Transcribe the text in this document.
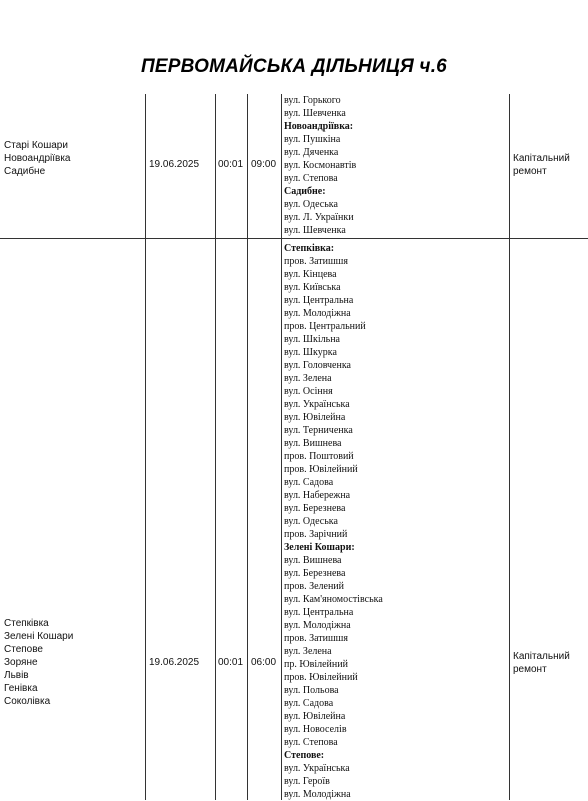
ПЕРВОМАЙСЬКА ДІЛЬНИЦЯ ч.6
Старі Кошари
Новоандріївка
Садибне
19.06.2025 00:01 09:00
вул. Горького
вул. Шевченка
Новоандріївка:
вул. Пушкіна
вул. Дяченка
вул. Космонавтів
вул. Степова
Садибне:
вул. Одеська
вул. Л. Українки
вул. Шевченка
Капітальний
ремонт
Степківка
Зелені Кошари
Степове
Зоряне
Львів
Генівка
Соколівка
19.06.2025 00:01 06:00
Степківка:
пров. Затишшя
вул. Кінцева
вул. Київська
вул. Центральна
вул. Молодіжна
пров. Центральний
вул. Шкільна
вул. Шкурка
вул. Головченка
вул. Зелена
вул. Осіння
вул. Українська
вул. Ювілейна
вул. Терниченка
вул. Вишнева
пров. Поштовий
пров. Ювілейний
вул. Садова
вул. Набережна
вул. Березнева
вул. Одеська
пров. Зарічний
Зелені Кошари:
вул. Вишнева
вул. Березнева
пров. Зелений
вул. Кам'яномостівська
вул. Центральна
вул. Молодіжна
пров. Затишшя
вул. Зелена
пр. Ювілейний
пров. Ювілейний
вул. Польова
вул. Садова
вул. Ювілейна
вул. Новоселів
вул. Степова
Степове:
вул. Українська
вул. Героїв
вул. Молодіжна
Капітальний
ремонт
